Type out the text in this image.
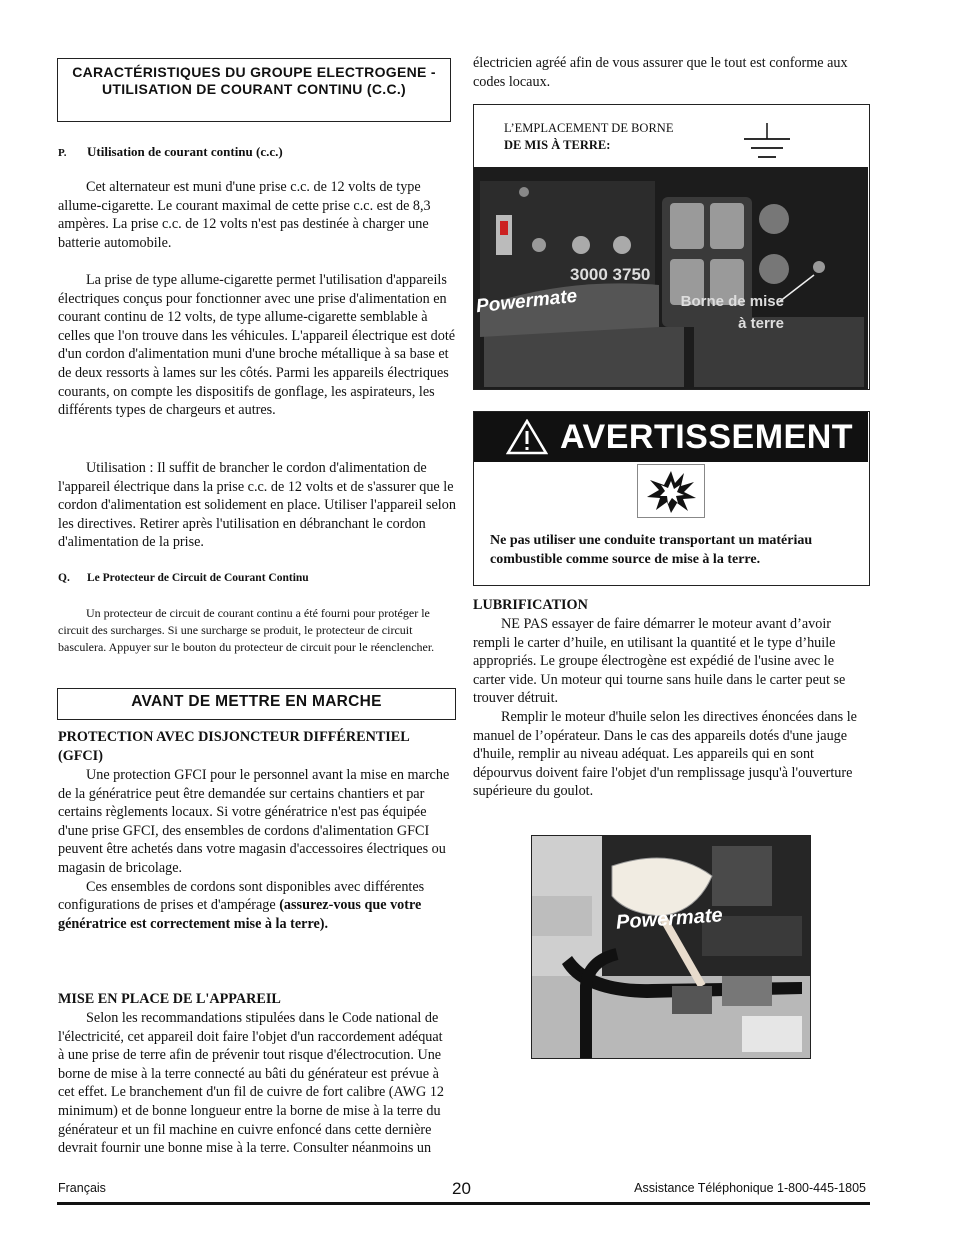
CARACTÉRISTIQUES DU GROUPE ELECTROGENE - UTILISATION DE COURANT CONTINU (C.C.)
P. Utilisation de courant continu (c.c.)

Cet alternateur est muni d'une prise c.c. de 12 volts de type allume-cigarette. Le courant maximal de cette prise c.c. est de 8,3 ampères. La prise c.c. de 12 volts n'est pas destinée à charger une batterie automobile.

La prise de type allume-cigarette permet l'utilisation d'appareils électriques conçus pour fonctionner avec une prise d'alimentation en courant continu de 12 volts, de type allume-cigarette semblable à celles que l'on trouve dans les véhicules. L'appareil électrique est doté d'un cordon d'alimentation muni d'une broche métallique à sa base et de deux ressorts à lames sur les côtés. Parmi les appareils électriques courants, on compte les dispositifs de gonflage, les aspirateurs, les différents types de chargeurs et autres.

Utilisation : Il suffit de brancher le cordon d'alimentation de l'appareil électrique dans la prise c.c. de 12 volts et de s'assurer que le cordon d'alimentation est solidement en place. Utiliser l'appareil selon les directives. Retirer après l'utilisation en débranchant le cordon d'alimentation de la prise.

Q. Le Protecteur de Circuit de Courant Continu

Un protecteur de circuit de courant continu a été fourni pour protéger le circuit des surcharges. Si une surcharge se produit, le protecteur de circuit basculera. Appuyer sur le bouton du protecteur de circuit pour le réenclencher.

AVANT DE METTRE EN MARCHE
PROTECTION AVEC DISJONCTEUR DIFFÉRENTIEL (GFCI)

Une protection GFCI pour le personnel avant la mise en marche de la génératrice peut être demandée sur certains chantiers et par certains règlements locaux. Si votre génératrice n'est pas équipée d'une prise GFCI, des ensembles de cordons d'alimentation GFCI peuvent être achetés dans votre magasin d'accessoires électriques ou magasin de bricolage.

Ces ensembles de cordons sont disponibles avec différentes configurations de prises et d'ampérage (assurez-vous que votre génératrice est correctement mise à la terre).

MISE EN PLACE DE L'APPAREIL

Selon les recommandations stipulées dans le Code national de l'électricité, cet appareil doit faire l'objet d'un raccordement adéquat à une prise de terre afin de prévenir tout risque d'électrocution. Une borne de mise à la terre connecté au bâti du générateur est prévue à cet effet. Le branchement d'un fil de cuivre de fort calibre (AWG 12 minimum) et de bonne longueur entre la borne de mise à la terre du générateur et un fil machine en cuivre enfoncé dans cette dernière devrait fournir une bonne mise à la terre. Consulter néanmoins un

électricien agréé afin de vous assurer que le tout est conforme aux codes locaux.

L’EMPLACEMENT DE BORNE
DE MIS À TERRE:
3000 3750
Powermate	Borne de mise
à terre
AVERTISSEMENT
Ne pas utiliser une conduite transportant un matériau combustible comme source de mise à la terre.
LUBRIFICATION

NE PAS essayer de faire démarrer le moteur avant d’avoir rempli le carter d’huile, en utilisant la quantité et le type d’huile appropriés. Le groupe électrogène est expédié de l'usine avec le carter vide. Un moteur qui tourne sans huile dans le carter peut se trouver détruit.

Remplir le moteur d'huile selon les directives énoncées dans le manuel de l’opérateur. Dans le cas des appareils dotés d'une jauge d'huile, remplir au niveau adéquat. Les appareils qui en sont dépourvus doivent faire l'objet d'un remplissage jusqu'à l'ouverture supérieure du goulot.

Powermate
Français	20	Assistance Téléphonique 1-800-445-1805
